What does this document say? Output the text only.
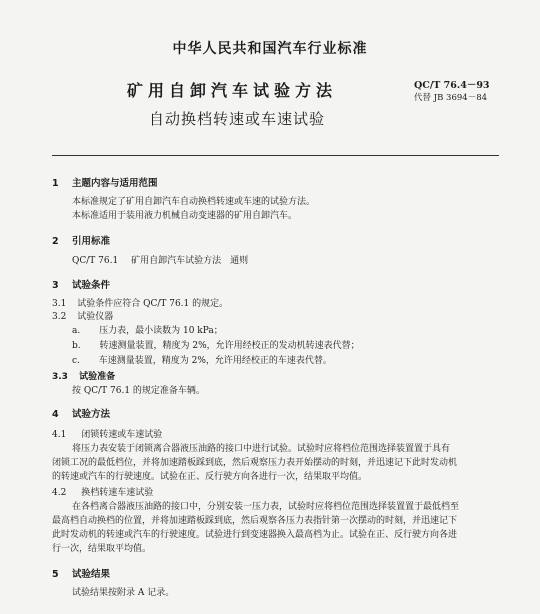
中华人民共和国汽车行业标准
矿用自卸汽车试验方法
自动换档转速或车速试验
QC/T 76.4－93
代替 JB 3694－84
1 主题内容与适用范围
本标准规定了矿用自卸汽车自动换档转速或车速的试验方法。
本标准适用于装用液力机械自动变速器的矿用自卸汽车。
2 引用标准
QC/T 76.1 矿用自卸汽车试验方法　通则
3 试验条件
3.1 试验条件应符合 QC/T 76.1 的规定。
3.2 试验仪器
a. 压力表，最小读数为 10 kPa；
b. 转速测量装置，精度为 2%，允许用经校正的发动机转速表代替；
c. 车速测量装置，精度为 2%，允许用经校正的车速表代替。
3.3 试验准备
按 QC/T 76.1 的规定准备车辆。
4 试验方法
4.1 闭锁转速或车速试验
将压力表安装于闭锁离合器液压油路的接口中进行试验。试验时应将档位范围选择装置置于具有
闭锁工况的最低档位，并将加速踏板踩到底，然后观察压力表开始摆动的时刻，并迅速记下此时发动机
的转速或汽车的行驶速度。试验在正、反行驶方向各进行一次，结果取平均值。
4.2 换档转速车速试验
在各档离合器液压油路的接口中，分别安装一压力表，试验时应将档位范围选择装置置于最低档至
最高档自动换档的位置，并将加速踏板踩到底，然后观察各压力表指针第一次摆动的时刻，并迅速记下
此时发动机的转速或汽车的行驶速度。试验进行到变速器换入最高档为止。试验在正、反行驶方向各进
行一次，结果取平均值。
5 试验结果
试验结果按附录 A 记录。
